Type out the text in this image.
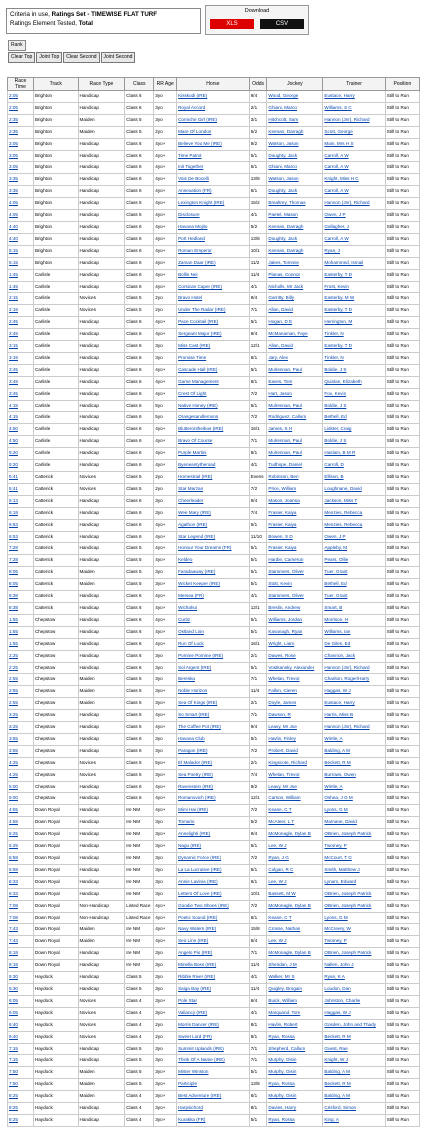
Criteria in use, Ratings Set - TIMEWISE FLAT TURF
Ratings Element Tested, Total
Download
XLS	CSV
Rank
Clear Top	Joint Top	Clear Second	Joint Second
Race Time	Track	Race Type	Class	RR Age	Horse	Odds	Jockey	Trainer	Position
2:05	Brighton	Handicap	Class 6	3yo	Kisskodi (IRE)	9/4	Wood, George	Eustace, Harry	Still to Run
2:05	Brighton	Handicap	Class 6	3yo	Royal Accord	2/1	Ghiani, Marco	Williams, S C	Still to Run
2:35	Brighton	Maiden	Class 5	3yo	Corniche Girl (IRE)	3/1	Hitchcott, Sam	Hannon (Jnr), Richard	Still to Run
2:35	Brighton	Maiden	Class 5	2yo	Mare Of London	5/2	Keenan, Darragh	Scott, George	Still to Run
3:05	Brighton	Handicap	Class 6	4yo+	Believe You Me (IRE)	9/2	Watson, Jason	Main, Mrs H S	Still to Run
3:05	Brighton	Handicap	Class 6	4yo+	Time Patrol	5/1	Doughty, Jack	Carroll, A W	Still to Run
3:05	Brighton	Handicap	Class 6	4yo+	Init Together	5/1	Ghiani, Marco	Carroll, A W	Still to Run
3:35	Brighton	Handicap	Class 6	4yo+	Vois De Bocelli	13/8	Watson, Jason	Knight, Miss H C	Still to Run
3:35	Brighton	Handicap	Class 6	4yo+	Annexation (FR)	6/1	Doughty, Jack	Carroll, A W	Still to Run
4:05	Brighton	Handicap	Class 5	4yo+	Lexington Knight (IRE)	15/2	Brealtrey, Thomas	Hannon (Jnr), Richard	Still to Run
4:05	Brighton	Handicap	Class 5	4yo+	Disclosure	4/1	Paetel, Mason	Owen, J P	Still to Run
4:40	Brighton	Handicap	Class 6	4yo+	Havana Mojito	5/2	Keenan, Darragh	Gallagher, J	Still to Run
4:40	Brighton	Handicap	Class 6	4yo+	Port Hedland	13/8	Doughty, Jack	Carroll, A W	Still to Run
5:15	Brighton	Handicap	Class 6	4yo+	Roman Emperor	10/1	Keenan, Darragh	Ryan, J	Still to Run
5:15	Brighton	Handicap	Class 6	4yo+	Zaman Daar (IRE)	11/2	Jakes, Tommie	Mohammed, Ismail	Still to Run
1:45	Carlisle	Handicap	Class 6	4yo+	Bollin Nei	11/4	Planas, Connor	Easterby, T D	Still to Run
1:45	Carlisle	Handicap	Class 6	4yo+	Corsican Caper (IRE)	4/1	Nicholls, Mr Jack	Frost, Kevin	Still to Run
2:15	Carlisle	Novices	Class 5	2yo	Bravo Hotel	9/4	Garritty, Billy	Easterby, M W	Still to Run
2:15	Carlisle	Novices	Class 5	2yo	Under The Radar (IRE)	7/1	Allan, David	Easterby, T D	Still to Run
2:45	Carlisle	Handicap	Class 6	4yo+	Pace Cocktail (IRE)	5/1	Hogan, D E	Herrington, M	Still to Run
2:45	Carlisle	Handicap	Class 6	4yo+	Sergeant Major (IRE)	9/4	McManaman, Faye	Tinkler, N	Still to Run
3:15	Carlisle	Handicap	Class 6	3yo	Miss Cast (IRE)	12/1	Allan, David	Easterby, T D	Still to Run
3:15	Carlisle	Handicap	Class 6	3yo	Promise Time	6/1	Jary, Alex	Tinkler, N	Still to Run
3:45	Carlisle	Handicap	Class 6	4yo+	Cascade Hall (IRE)	5/1	Mulrennan, Paul	Boldie, J S	Still to Run
3:45	Carlisle	Handicap	Class 6	4yo+	Game Management	8/1	Eaves, Tom	Quinlan, Elizabeth	Still to Run
3:45	Carlisle	Handicap	Class 6	4yo+	Crest Of Light	7/2	Hart, Jason	Fox, Kevin	Still to Run
4:15	Carlisle	Handicap	Class 6	5yo	Native Honey (IRE)	5/1	Mulrennan, Paul	Boldie, J S	Still to Run
4:15	Carlisle	Handicap	Class 6	5yo	Orangesandlemons	7/2	Rodriguez, Callum	Bethell, Ed	Still to Run
4:50	Carlisle	Handicap	Class 6	4yo+	Blutterontheibus (IRE)	16/1	James, S H	Lidster, Craig	Still to Run
4:50	Carlisle	Handicap	Class 6	4yo+	Bravo Of Course	7/1	Mulrennan, Paul	Boldie, J S	Still to Run
5:20	Carlisle	Handicap	Class 6	4yo+	Purple Martini	8/1	Mulrennan, Paul	Haslam, B M R	Still to Run
5:20	Carlisle	Handicap	Class 6	4yo+	Byeneantytheroad	4/1	Tudhope, Daniel	Carroll, D	Still to Run
5:41	Catterick	Novices	Class 5	2yo	Homestrait (IRE)	Evens	Robinson, Ben	Ellison, B	Still to Run
5:41	Catterick	Novices	Class 5	2yo	Star Marzan	7/2	Price, William	Loughnane, David	Still to Run
6:13	Catterick	Handicap	Class 6	3yo	Cheerleader	9/4	Mason, Joanna	Jackson, Miss T	Still to Run
6:18	Catterick	Handicap	Class 6	3yo	Wee Mary (IRE)	7/4	Frasier, Kaiya	Menzies, Rebecca	Still to Run
6:53	Catterick	Handicap	Class 6	4yo+	Agathon (IRE)	5/1	Frasier, Kaiya	Menzies, Rebecca	Still to Run
6:53	Catterick	Handicap	Class 6	4yo+	Star Legend (IRE)	11/10	Bowen, S D	Owen, J P	Still to Run
7:28	Catterick	Handicap	Class 5	4yo+	Honour Your Dreams (FR)	5/1	Frasier, Kaiya	Appleby, M	Still to Run
7:28	Catterick	Handicap	Class 5	4yo+	Keldeo	5/1	Hardie, Cameron	Pears, Ollie	Still to Run
8:05	Catterick	Maiden	Class 5	3yo	Faradaaway (IRE)	5/1	Stammers, Oliver	Tuer, Grant	Still to Run
8:05	Catterick	Maiden	Class 5	3yo+	Wicket Keeper (IRE)	5/1	Stott, Kevin	Bethell, Ed	Still to Run
8:38	Catterick	Handicap	Class 6	4yo+	Mersea (FR)	4/1	Stammers, Oliver	Tuer, Grant	Still to Run
8:38	Catterick	Handicap	Class 6	4yo+	Wichahui	12/1	Breslin, Andrew	Smart, B	Still to Run
1:55	Chepstow	Handicap	Class 6	4yo+	Curtiz	5/1	Williams, Jordan	Morrison, H	Still to Run
1:55	Chepstow	Handicap	Class 6	4yo+	Ostland Lion	5/1	Kavanagh, Ryan	Williams, Ian	Still to Run
1:55	Chepstow	Handicap	Class 6	4yo+	Run Of Luck	16/1	Wright, Liam	De Giles, Ed	Still to Run
2:25	Chepstow	Handicap	Class 6	3yo	Pomme Pomme (IRE)	2/1	Dawes, Rose	Channon, Jack	Still to Run
2:25	Chepstow	Handicap	Class 6	3yo	Sol Argent (IRE)	5/1	Vostkansky, Alexander	Hannon (Jnr), Richard	Still to Run
2:55	Chepstow	Maiden	Class 5	3yo	Bereska	7/1	Whelan, Trevor	Chariton, Roger/Harry	Still to Run
2:55	Chepstow	Maiden	Class 5	3yo+	Noble Horizon	11/4	Fallon, Cieren	Haggas, W J	Still to Run
2:55	Chepstow	Maiden	Class 5	3yo+	Sea Of Kings (IRE)	2/1	Doyle, James	Eustace, Harry	Still to Run
3:25	Chepstow	Handicap	Class 5	4yo+	So Smart (IRE)	7/1	Dawson, R	Harris, Miss B	Still to Run
3:25	Chepstow	Handicap	Class 5	4yo+	The Coffee Pot (IRE)	9/4	Leavy, Mr Joe	Hannon (Jnr), Richard	Still to Run
3:55	Chepstow	Handicap	Class 6	3yo	Havana Club	5/1	Havlin, Finley	Wintle, A	Still to Run
3:55	Chepstow	Handicap	Class 6	3yo	Paragon (IRE)	7/2	Probert, David	Balding, A M	Still to Run
4:25	Chepstow	Novices	Class 5	5yo+	El Malador (IRE)	2/1	Kingscote, Richard	Beckett, R M	Still to Run
4:25	Chepstow	Novices	Class 5	3yo+	Sea Poetry (IRE)	7/4	Whelan, Trevor	Burrows, Owen	Still to Run
5:00	Chepstow	Handicap	Class 6	4yo+	Ravenstein (IRE)	9/2	Leavy, Mr Joe	Wintle, A	Still to Run
5:00	Chepstow	Handicap	Class 6	4yo+	Romanovich (IRE)	12/1	Carson, William	Oshea, J G M	Still to Run
4:55	Down Royal	Handicap	Ire NM	4yo+	Mimi Hai (IRE)	7/2	Keane, C T	Lyons, G M	Still to Run
4:55	Down Royal	Handicap	Ire NM	3yo	Tomario	5/2	McAteer, L T	Marnane, David	Still to Run
5:25	Down Royal	Handicap	Ire NM	3yo+	Annelighti (IRE)	9/4	McMonagle, Dylan B	OBrien, Joseph Patrick	Still to Run
5:25	Down Royal	Handicap	Ire NM	3yo+	Nagu (IRE)	5/1	Lee, W J	Twomey, P	Still to Run
5:58	Down Royal	Handicap	Ire NM	3yo	Dynamic Force (IRE)	7/2	Ryan, J G	McCourt, T G	Still to Run
5:58	Down Royal	Handicap	Ire NM	3yo	La La Lucrative (IRE)	5/1	Colgan, R C	Smith, Matthew J	Still to Run
6:33	Down Royal	Handicap	Ire NM	3yo	Annie Lavinia (IRE)	6/1	Lee, W J	Lynam, Edward	Still to Run
6:33	Down Royal	Handicap	Ire NM	3yo	Letters Of Love (IRE)	10/1	Bassett, M W	OBrien, Joseph Patrick	Still to Run
7:08	Down Royal	Non-Handicap	Listed Race	4yo+	Goodie Two Shoes (IRE)	7/2	McMonagle, Dylan B	OBrien, Joseph Patrick	Still to Run
7:08	Down Royal	Non-Handicap	Listed Race	4yo+	Poetic Sound (IRE)	6/1	Keane, C T	Lyons, G M	Still to Run
7:43	Down Royal	Maiden	Ire NM	4yo+	Navy Waters (IRE)	15/8	Crosse, Nathan	McCreery, W	Still to Run
7:43	Down Royal	Maiden	Ire NM	4yo+	Seo Linn (IRE)	6/4	Lee, W J	Twomey, P	Still to Run
8:18	Down Royal	Handicap	Ire NM	3yo	Angelo Pio (IRE)	7/1	McMonagle, Dylan B	OBrien, Joseph Patrick	Still to Run
8:18	Down Royal	Handicap	Ire NM	3yo	Minella Boss (IRE)	11/4	Sheridan, J M	Nallen, John J	Still to Run
5:30	Haydock	Handicap	Class 5	3yo	Ribble River (IRE)	4/1	Walker, Mr S	Ryan, K A	Still to Run
5:30	Haydock	Handicap	Class 5	3yo	Saiga Bay (IRE)	11/4	Quigley, Brogain	Loudon, Dan	Still to Run
6:05	Haydock	Novices	Class 4	3yo+	Pole Star	6/4	Buick, William	Johnston, Charlie	Still to Run
6:05	Haydock	Novices	Class 4	3yo+	Valiancy (IRE)	4/1	Marquand, Tom	Haggas, W J	Still to Run
6:40	Haydock	Novices	Class 4	2yo	Morris Dancer (IRE)	8/1	Havlin, Robert	Gosden, John and Thady	Still to Run
6:40	Haydock	Novices	Class 4	2yo	Sweet Lord (FR)	8/1	Ryan, Rossa	Beckett, R M	Still to Run
7:15	Haydock	Handicap	Class 5	3yo	Summit Uplands (IRE)	7/1	Shepherd, Callum	Guest, Rae	Still to Run
7:15	Haydock	Handicap	Class 5	3yo	Think Of A Name (IRE)	7/1	Murphy, Oisin	Knight, W J	Still to Run
7:50	Haydock	Maiden	Class 5	3yo+	Mister Winston	5/1	Murphy, Oisin	Balding, A M	Still to Run
7:50	Haydock	Maiden	Class 5	3yo+	Participle	13/8	Ryan, Rossa	Beckett, R M	Still to Run
8:25	Haydock	Maiden	Class 4	3yo+	Best Adventure (IRE)	6/1	Murphy, Oisin	Balding, A M	Still to Run
8:25	Haydock	Handicap	Class 4	3yo+	Harpsichord	8/1	Davies, Harry	Crisford, Simon	Still to Run
8:25	Haydock	Handicap	Class 4	3yo+	Kurakka (FR)	5/1	Ryan, Rossa	King, A	Still to Run
